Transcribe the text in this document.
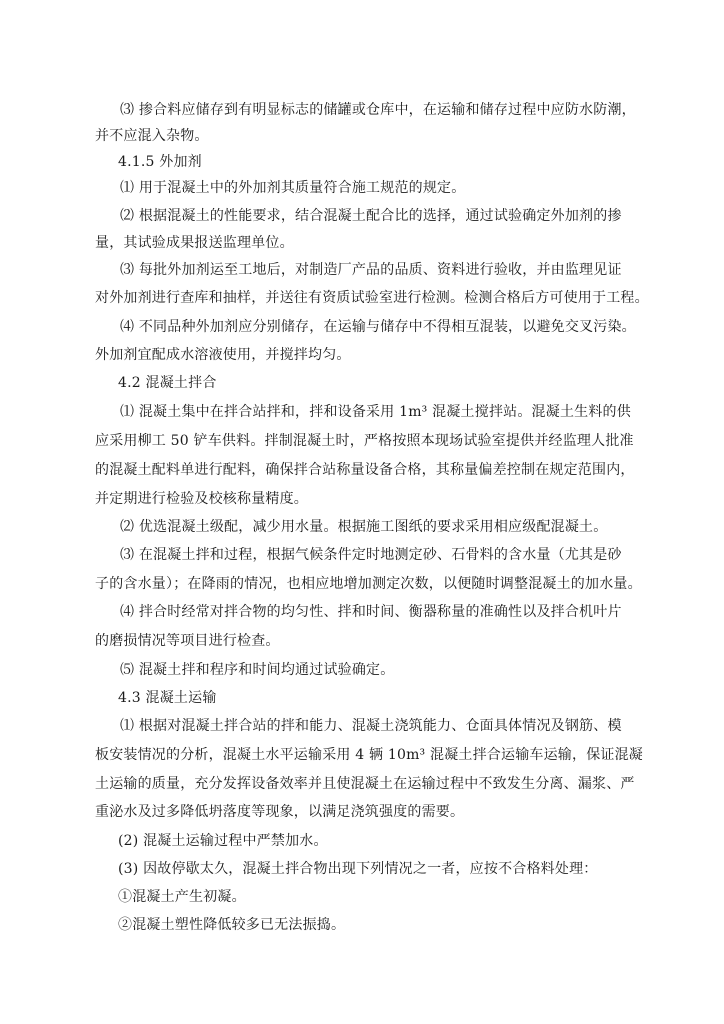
⑶ 掺合料应储存到有明显标志的储罐或仓库中，在运输和储存过程中应防水防潮，
并不应混入杂物。
4.1.5 外加剂
⑴ 用于混凝土中的外加剂其质量符合施工规范的规定。
⑵ 根据混凝土的性能要求，结合混凝土配合比的选择，通过试验确定外加剂的掺
量，其试验成果报送监理单位。
⑶ 每批外加剂运至工地后，对制造厂产品的品质、资料进行验收，并由监理见证
对外加剂进行查库和抽样，并送往有资质试验室进行检测。检测合格后方可使用于工程。
⑷ 不同品种外加剂应分别储存，在运输与储存中不得相互混装，以避免交叉污染。
外加剂宜配成水溶液使用，并搅拌均匀。
4.2 混凝土拌合
⑴ 混凝土集中在拌合站拌和，拌和设备采用 1m³ 混凝土搅拌站。混凝土生料的供
应采用柳工 50 铲车供料。拌制混凝土时，严格按照本现场试验室提供并经监理人批准
的混凝土配料单进行配料，确保拌合站称量设备合格，其称量偏差控制在规定范围内，
并定期进行检验及校核称量精度。
⑵ 优选混凝土级配，减少用水量。根据施工图纸的要求采用相应级配混凝土。
⑶ 在混凝土拌和过程，根据气候条件定时地测定砂、石骨料的含水量（尤其是砂
子的含水量）；在降雨的情况，也相应地增加测定次数，以便随时调整混凝土的加水量。
⑷ 拌合时经常对拌合物的均匀性、拌和时间、衡器称量的准确性以及拌合机叶片
的磨损情况等项目进行检查。
⑸ 混凝土拌和程序和时间均通过试验确定。
4.3 混凝土运输
⑴ 根据对混凝土拌合站的拌和能力、混凝土浇筑能力、仓面具体情况及钢筋、模
板安装情况的分析，混凝土水平运输采用 4 辆 10m³ 混凝土拌合运输车运输，保证混凝
土运输的质量，充分发挥设备效率并且使混凝土在运输过程中不致发生分离、漏浆、严
重泌水及过多降低坍落度等现象，以满足浇筑强度的需要。
(2) 混凝土运输过程中严禁加水。
(3) 因故停歇太久，混凝土拌合物出现下列情况之一者，应按不合格料处理：
①混凝土产生初凝。
②混凝土塑性降低较多已无法振捣。
